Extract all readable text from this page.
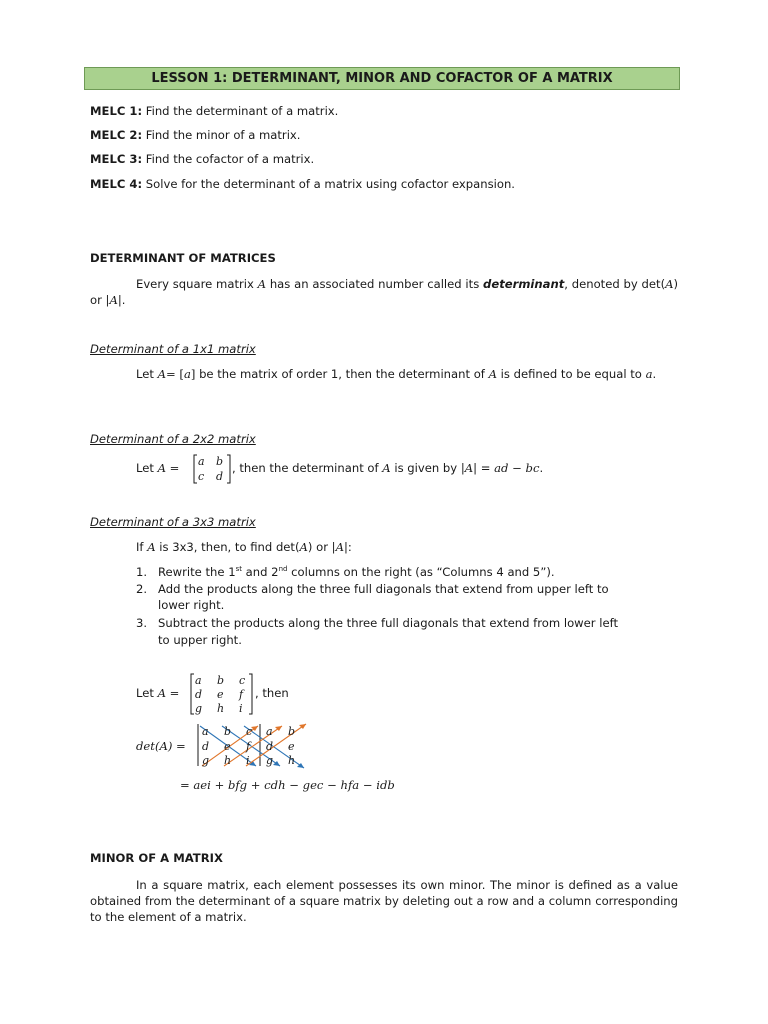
LESSON 1: DETERMINANT, MINOR AND COFACTOR OF A MATRIX
MELC 1: Find the determinant of a matrix.
MELC 2: Find the minor of a matrix.
MELC 3: Find the cofactor of a matrix.
MELC 4: Solve for the determinant of a matrix using cofactor expansion.
DETERMINANT OF MATRICES
Every square matrix A has an associated number called its determinant, denoted by det(A) or |A|.
Determinant of a 1x1 matrix
Let A= [a] be the matrix of order 1, then the determinant of A is defined to be equal to a.
Determinant of a 2x2 matrix
Let A = a b
c d
, then the determinant of A is given by |A| = ad − bc.
Determinant of a 3x3 matrix
If A is 3x3, then, to find det(A) or |A|:
1. Rewrite the 1st and 2nd columns on the right (as “Columns 4 and 5”).
2. Add the products along the three full diagonals that extend from upper left to
lower right.
3. Subtract the products along the three full diagonals that extend from lower left
to upper right.
Let A =
a b c
d e f
g h i
, then
det(A) =
a b c
d e f
g h i
a b
d e
g h
= aei + bfg + cdh − gec − hfa − idb
MINOR OF A MATRIX
In a square matrix, each element possesses its own minor. The minor is defined as a value obtained from the determinant of a square matrix by deleting out a row and a column corresponding to the element of a matrix.
